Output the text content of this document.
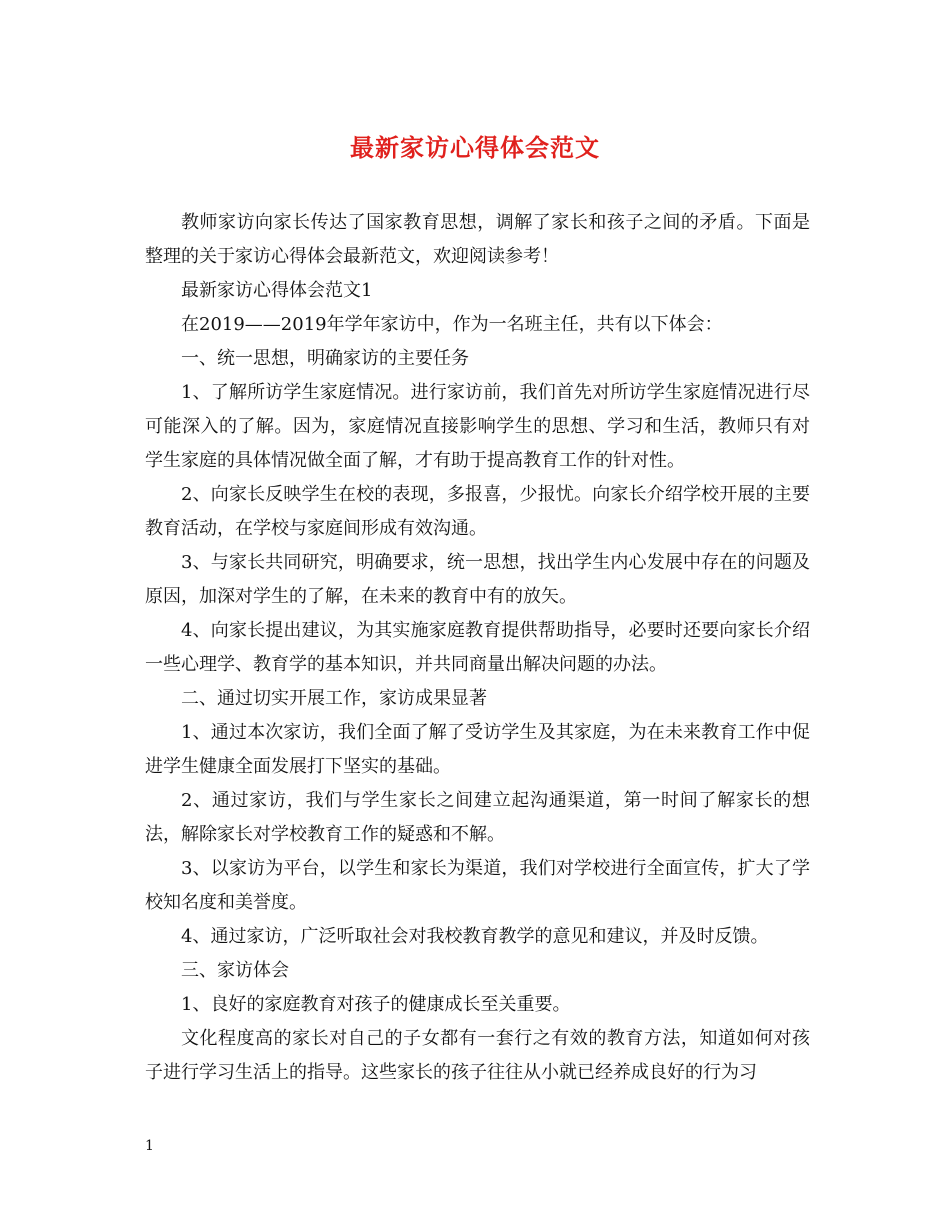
最新家访心得体会范文

教师家访向家长传达了国家教育思想，调解了家长和孩子之间的矛盾。下面是整理的关于家访心得体会最新范文，欢迎阅读参考！

最新家访心得体会范文1

在2019——2019年学年家访中，作为一名班主任，共有以下体会：

一、统一思想，明确家访的主要任务

1、了解所访学生家庭情况。进行家访前，我们首先对所访学生家庭情况进行尽可能深入的了解。因为，家庭情况直接影响学生的思想、学习和生活，教师只有对学生家庭的具体情况做全面了解，才有助于提高教育工作的针对性。

2、向家长反映学生在校的表现，多报喜，少报忧。向家长介绍学校开展的主要教育活动，在学校与家庭间形成有效沟通。

3、与家长共同研究，明确要求，统一思想，找出学生内心发展中存在的问题及原因，加深对学生的了解，在未来的教育中有的放矢。

4、向家长提出建议，为其实施家庭教育提供帮助指导，必要时还要向家长介绍一些心理学、教育学的基本知识，并共同商量出解决问题的办法。

二、通过切实开展工作，家访成果显著

1、通过本次家访，我们全面了解了受访学生及其家庭，为在未来教育工作中促进学生健康全面发展打下坚实的基础。

2、通过家访，我们与学生家长之间建立起沟通渠道，第一时间了解家长的想法，解除家长对学校教育工作的疑惑和不解。

3、以家访为平台，以学生和家长为渠道，我们对学校进行全面宣传，扩大了学校知名度和美誉度。

4、通过家访，广泛听取社会对我校教育教学的意见和建议，并及时反馈。

三、家访体会

1、良好的家庭教育对孩子的健康成长至关重要。

文化程度高的家长对自己的子女都有一套行之有效的教育方法，知道如何对孩子进行学习生活上的指导。这些家长的孩子往往从小就已经养成良好的行为习

1
